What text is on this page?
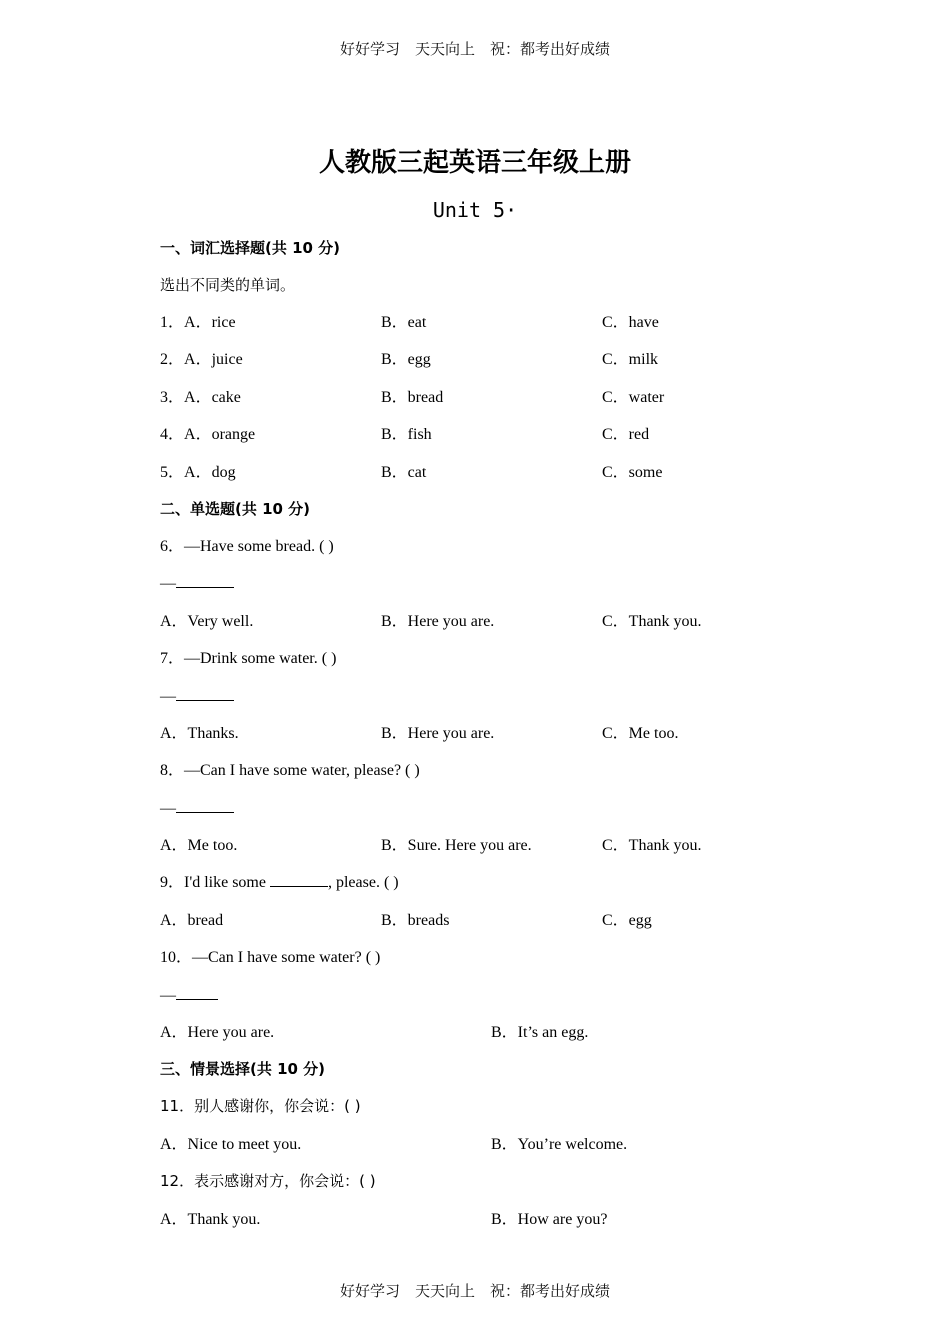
好好学习　天天向上　祝：都考出好成绩
人教版三起英语三年级上册
Unit 5·
一、词汇选择题(共 10 分)
选出不同类的单词。
1．A．rice	B．eat	C．have
2．A．juice	B．egg	C．milk
3．A．cake	B．bread	C．water
4．A．orange	B．fish	C．red
5．A．dog	B．cat	C．some
二、单选题(共 10 分)
6．—Have some bread. ( )
—
A．Very well.	B．Here you are.	C．Thank you.
7．—Drink some water. ( )
—
A．Thanks.	B．Here you are.	C．Me too.
8．—Can I have some water, please? ( )
—
A．Me too.	B．Sure. Here you are.	C．Thank you.
9．I'd like some	, please. ( )
A．bread	B．breads	C．egg
10．—Can I have some water? ( )
—
A．Here you are.	B．It’s an egg.
三、情景选择(共 10 分)
11．别人感谢你，你会说：( )
A．Nice to meet you.	B．You’re welcome.
12．表示感谢对方，你会说：( )
A．Thank you.	B．How are you?
好好学习　天天向上　祝：都考出好成绩
